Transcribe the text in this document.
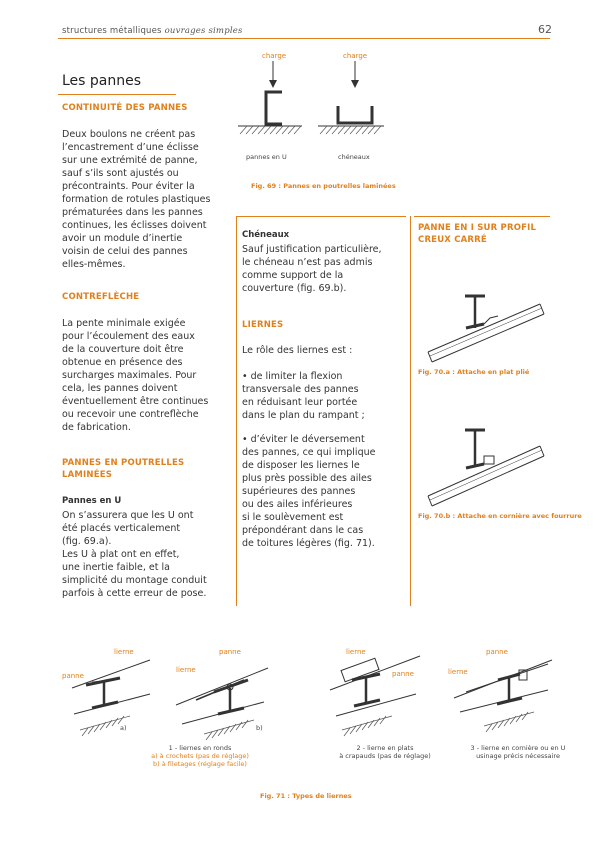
structures métalliques ouvrages simples	62
Les pannes
CONTINUITÉ DES PANNES
Deux boulons ne créent pas
l’encastrement d’une éclisse
sur une extrémité de panne,
sauf s’ils sont ajustés ou
précontraints. Pour éviter la
formation de rotules plastiques
prématurées dans les pannes
continues, les éclisses doivent
avoir un module d’inertie
voisin de celui des pannes
elles-mêmes.
CONTREFLÈCHE
La pente minimale exigée
pour l’écoulement des eaux
de la couverture doit être
obtenue en présence des
surcharges maximales. Pour
cela, les pannes doivent
éventuellement être continues
ou recevoir une contreflèche
de fabrication.
PANNES EN POUTRELLES
LAMINÉES
Pannes en U
On s’assurera que les U ont
été placés verticalement
(fig. 69.a).
Les U à plat ont en effet,
une inertie faible, et la
simplicité du montage conduit
parfois à cette erreur de pose.
charge	charge
pannes en U	chéneaux
Fig. 69 : Pannes en poutrelles laminées
Chéneaux
Sauf justification particulière,
le chéneau n’est pas admis
comme support de la
couverture (fig. 69.b).
LIERNES
Le rôle des liernes est :
• de limiter la flexion
transversale des pannes
en réduisant leur portée
dans le plan du rampant ;
• d’éviter le déversement
des pannes, ce qui implique
de disposer les liernes le
plus près possible des ailes
supérieures des pannes
ou des ailes inférieures
si le soulèvement est
prépondérant dans le cas
de toitures légères (fig. 71).
PANNE EN I SUR PROFIL
CREUX CARRÉ
Fig. 70.a : Attache en plat plié
Fig. 70.b : Attache en cornière avec fourrure
lierne
panne
panne
lierne
lierne
panne
panne
lierne
a)	b)
1 - liernes en ronds
a) à crochets (pas de réglage)
b) à filetages (réglage facile)
2 - lierne en plats
à crapauds (pas de réglage)
3 - lierne en cornière ou en U
usinage précis nécessaire
Fig. 71 : Types de liernes
